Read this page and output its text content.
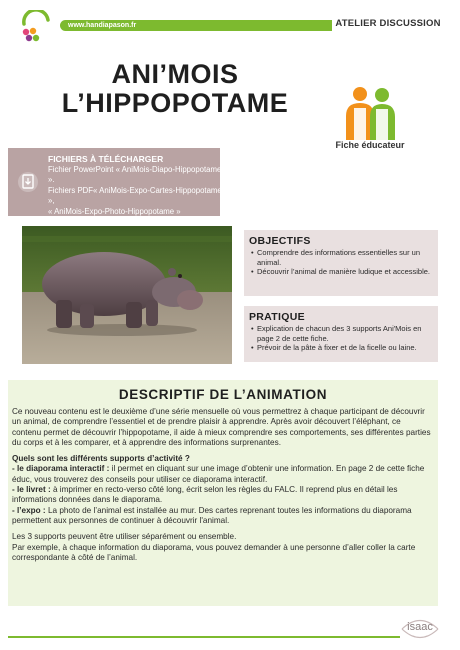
www.handiapason.fr	ATELIER DISCUSSION
ANI’MOIS
L’HIPPOPOTAME
Fiche éducateur
FICHIERS À TÉLÉCHARGER
Fichier PowerPoint « AniMois-Diapo-Hippopotame ».
Fichiers PDF« AniMois-Expo-Cartes-Hippopotame »,
« AniMois-Expo-Photo-Hippopotame »
et « Livret-Hippopotame ».
OBJECTIFS
• Comprendre des informations essentielles sur un animal.
• Découvrir l’animal de manière ludique et accessible.
PRATIQUE
• Explication de chacun des 3 supports Ani'Mois en page 2 de cette fiche.
• Prévoir de la pâte à fixer et de la ficelle ou laine.
DESCRIPTIF DE L’ANIMATION

Ce nouveau contenu est le deuxième d’une série mensuelle où vous permettrez à chaque participant de découvrir un animal, de comprendre l’essentiel et de prendre plaisir à apprendre. Après avoir découvert l’éléphant, ce contenu permet de découvrir l’hippopotame, il aide à mieux comprendre ses comportements, ses différentes parties du corps et à les comparer, et à apprendre des informations surprenantes.

Quels sont les différents supports d’activité ?
- le diaporama interactif : il permet en cliquant sur une image d’obtenir une information. En page 2 de cette fiche éduc, vous trouverez des conseils pour utiliser ce diaporama interactif.
- le livret : à imprimer en recto-verso côté long, écrit selon les règles du FALC. Il reprend plus en détail les informations données dans le diaporama.

- l’expo : La photo de l’animal est installée au mur. Des cartes reprenant toutes les informations du diaporama permettent aux personnes de continuer à découvrir l'animal.

Les 3 supports peuvent être utiliser séparément ou ensemble.
Par exemple, à chaque information du diaporama, vous pouvez demander à une personne d’aller coller la carte correspondante à côté de l’animal.
isaac
